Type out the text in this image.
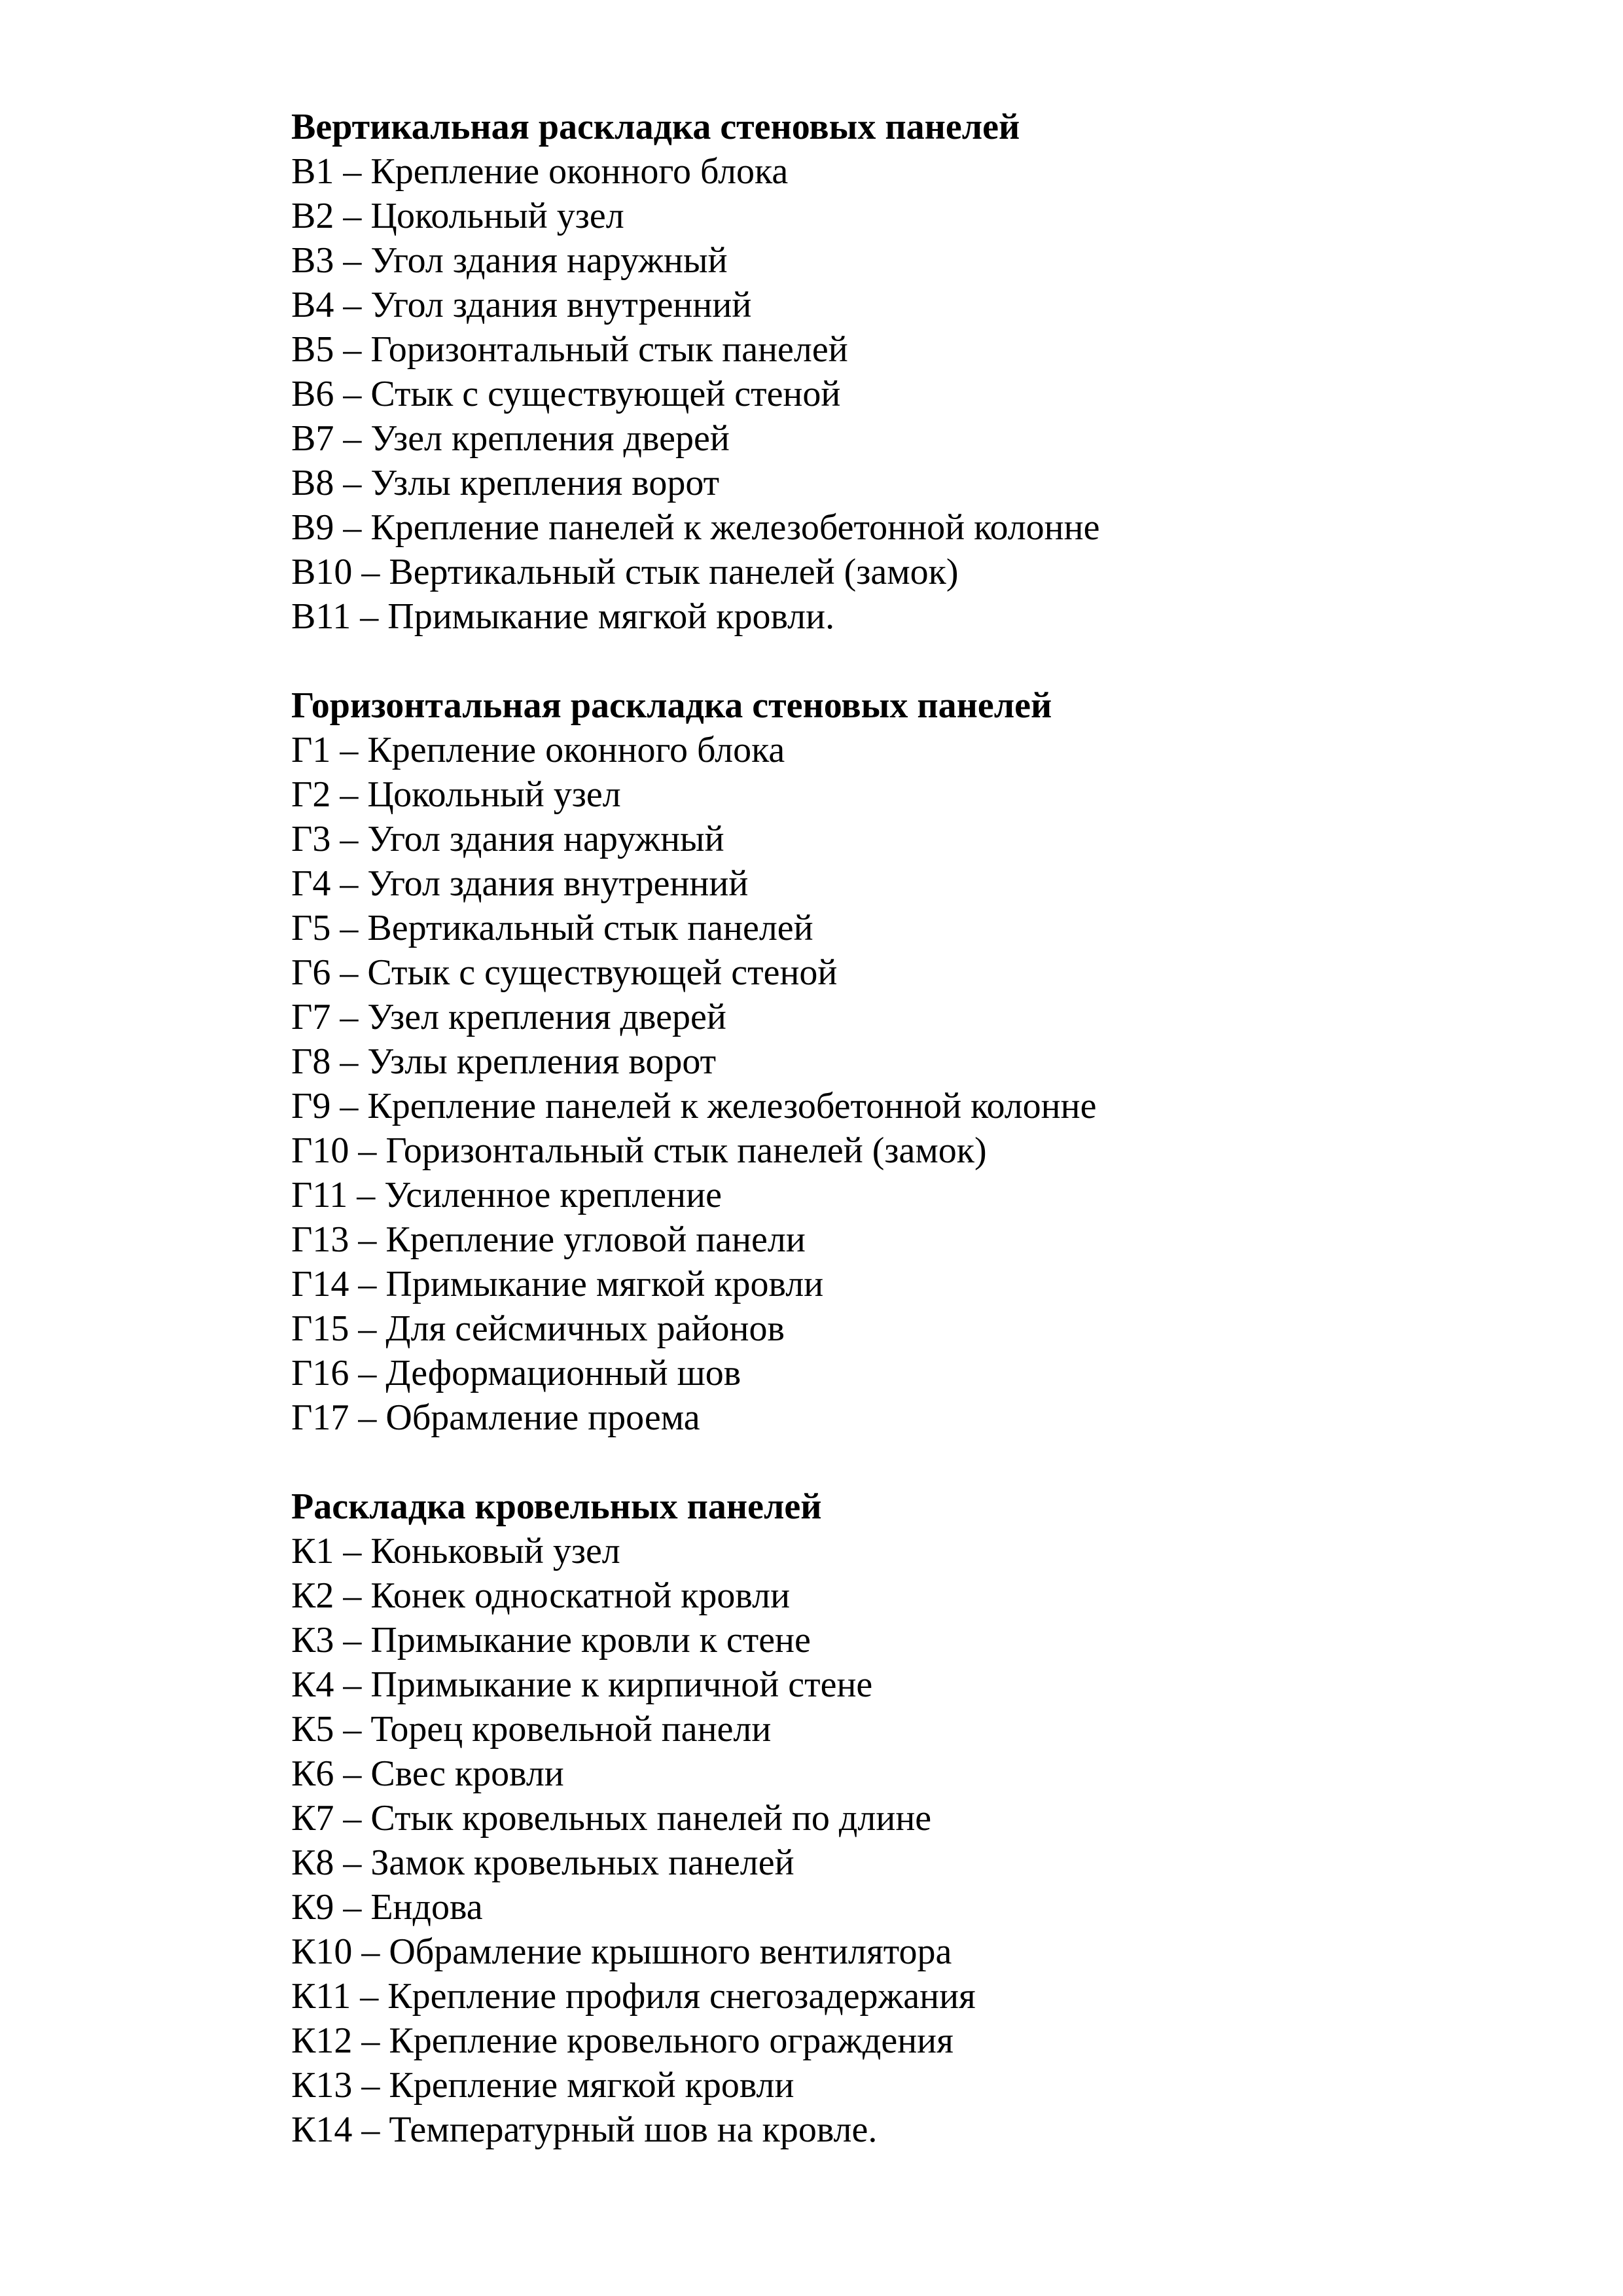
Вертикальная раскладка стеновых панелей
В1 – Крепление оконного блока
В2 – Цокольный узел
В3 – Угол здания наружный
В4 – Угол здания внутренний
В5 – Горизонтальный стык панелей
В6 – Стык с существующей стеной
В7 – Узел крепления дверей
В8 – Узлы крепления ворот
В9 – Крепление панелей к железобетонной колонне
В10 – Вертикальный стык панелей (замок)
В11 – Примыкание мягкой кровли.
Горизонтальная раскладка стеновых панелей
Г1 – Крепление оконного блока
Г2 – Цокольный узел
Г3 – Угол здания наружный
Г4 – Угол здания внутренний
Г5 – Вертикальный стык панелей
Г6 – Стык с существующей стеной
Г7 – Узел крепления дверей
Г8 – Узлы крепления ворот
Г9 – Крепление панелей к железобетонной колонне
Г10 – Горизонтальный стык панелей (замок)
Г11 – Усиленное крепление
Г13 – Крепление угловой панели
Г14 – Примыкание мягкой кровли
Г15 – Для сейсмичных районов
Г16 – Деформационный шов
Г17 – Обрамление проема
Раскладка кровельных панелей
К1 – Коньковый узел
К2 – Конек односкатной кровли
К3 – Примыкание кровли к стене
К4 – Примыкание к кирпичной стене
К5 – Торец кровельной панели
К6 – Свес кровли
К7 – Стык кровельных панелей по длине
К8 – Замок кровельных панелей
К9 – Ендова
К10 – Обрамление крышного вентилятора
К11 – Крепление профиля снегозадержания
К12 – Крепление кровельного ограждения
К13 – Крепление мягкой кровли
К14 – Температурный шов на кровле.
